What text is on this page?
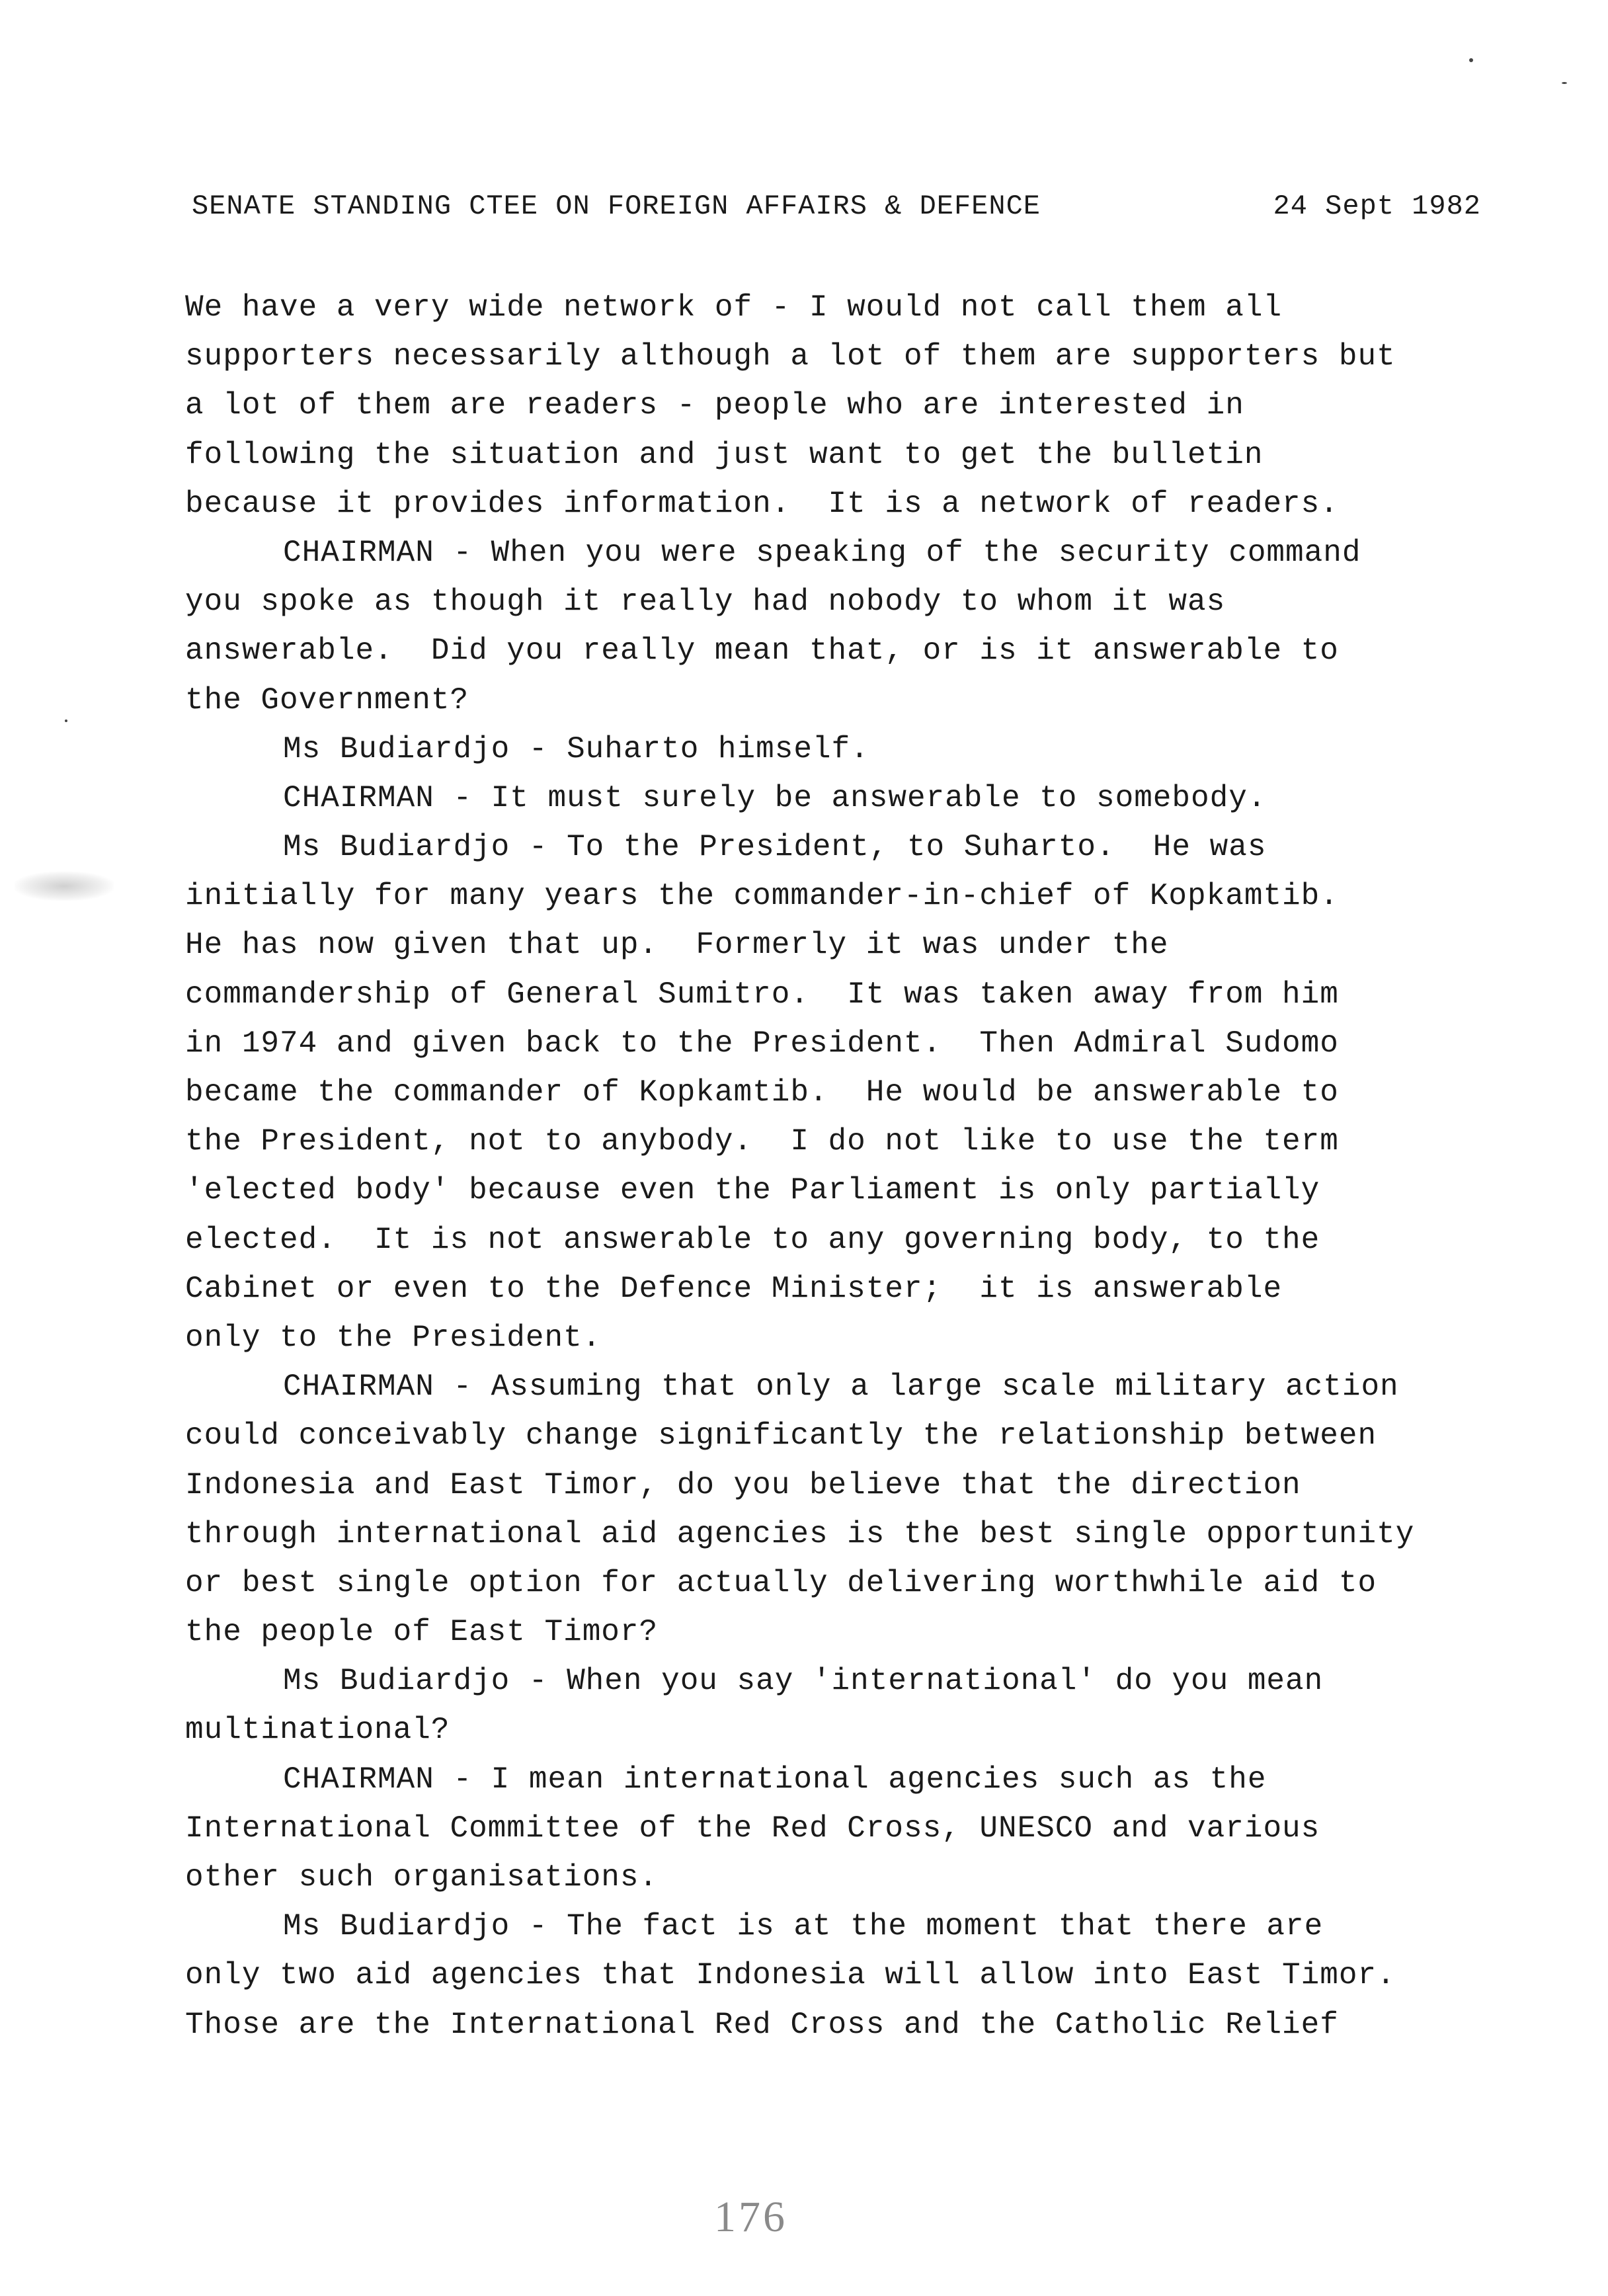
SENATE STANDING CTEE ON FOREIGN AFFAIRS & DEFENCE	24 Sept 1982
We have a very wide network of - I would not call them all
supporters necessarily although a lot of them are supporters but
a lot of them are readers - people who are interested in
following the situation and just want to get the bulletin
because it provides information.  It is a network of readers.
CHAIRMAN - When you were speaking of the security command
you spoke as though it really had nobody to whom it was
answerable.  Did you really mean that, or is it answerable to
the Government?
Ms Budiardjo - Suharto himself.
CHAIRMAN - It must surely be answerable to somebody.
Ms Budiardjo - To the President, to Suharto.  He was
initially for many years the commander-in-chief of Kopkamtib.
He has now given that up.  Formerly it was under the
commandership of General Sumitro.  It was taken away from him
in 1974 and given back to the President.  Then Admiral Sudomo
became the commander of Kopkamtib.  He would be answerable to
the President, not to anybody.  I do not like to use the term
'elected body' because even the Parliament is only partially
elected.  It is not answerable to any governing body, to the
Cabinet or even to the Defence Minister;  it is answerable
only to the President.
CHAIRMAN - Assuming that only a large scale military action
could conceivably change significantly the relationship between
Indonesia and East Timor, do you believe that the direction
through international aid agencies is the best single opportunity
or best single option for actually delivering worthwhile aid to
the people of East Timor?
Ms Budiardjo - When you say 'international' do you mean
multinational?
CHAIRMAN - I mean international agencies such as the
International Committee of the Red Cross, UNESCO and various
other such organisations.
Ms Budiardjo - The fact is at the moment that there are
only two aid agencies that Indonesia will allow into East Timor.
Those are the International Red Cross and the Catholic Relief
176
